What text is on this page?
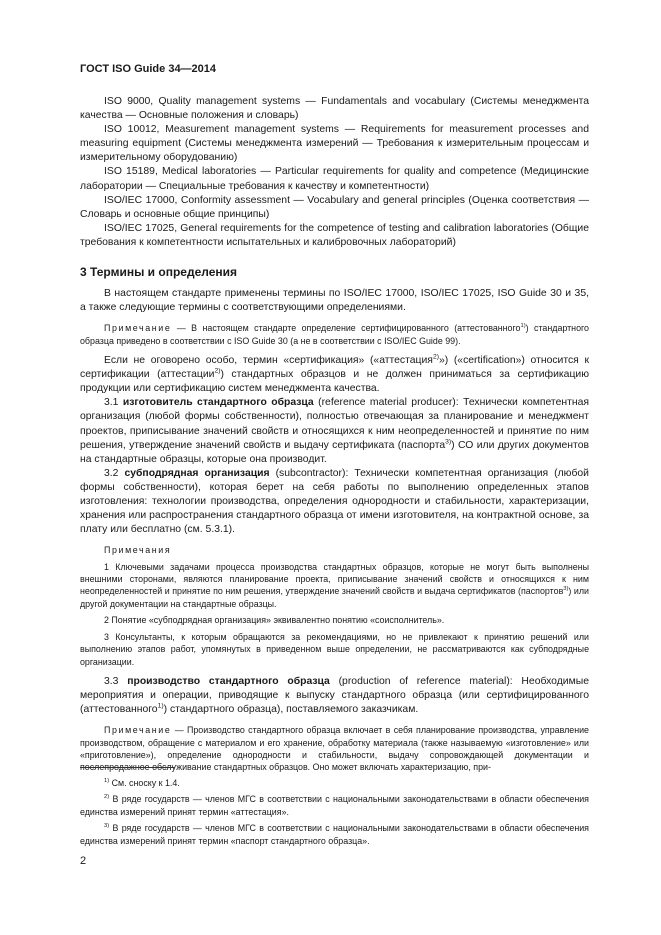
ГОСТ ISO Guide 34—2014

ISO 9000, Quality management systems — Fundamentals and vocabulary (Системы менеджмента качества — Основные положения и словарь)

ISO 10012, Measurement management systems — Requirements for measurement processes and measuring equipment (Системы менеджмента измерений — Требования к измерительным процессам и измерительному оборудованию)

ISO 15189, Medical laboratories — Particular requirements for quality and competence (Медицинские лаборатории — Специальные требования к качеству и компетентности)

ISO/IEC 17000, Conformity assessment — Vocabulary and general principles (Оценка соответствия — Словарь и основные общие принципы)

ISO/IEC 17025, General requirements for the competence of testing and calibration laboratories (Общие требования к компетентности испытательных и калибровочных лабораторий)

3 Термины и определения

В настоящем стандарте применены термины по ISO/IEC 17000, ISO/IEC 17025, ISO Guide 30 и 35, а также следующие термины с соответствующими определениями.

Примечание — В настоящем стандарте определение сертифицированного (аттестованного$^{1)}$) стандартного образца приведено в соответствии с ISO Guide 30 (а не в соответствии с ISO/IEC Guide 99).

Если не оговорено особо, термин «сертификация» («аттестация$^{2)}$») («certification») относится к сертификации (аттестации$^{2)}$) стандартных образцов и не должен приниматься за сертификацию продукции или сертификацию систем менеджмента качества.

3.1 изготовитель стандартного образца (reference material producer): Технически компетентная организация (любой формы собственности), полностью отвечающая за планирование и менеджмент проектов, приписывание значений свойств и относящихся к ним неопределенностей и принятие по ним решения, утверждение значений свойств и выдачу сертификата (паспорта$^{3)}$) СО или других документов на стандартные образцы, которые она производит.

3.2 субподрядная организация (subcontractor): Технически компетентная организация (любой формы собственности), которая берет на себя работы по выполнению определенных этапов изготовления: технологии производства, определения однородности и стабильности, характеризации, хранения или распространения стандартного образца от имени изготовителя, на контрактной основе, за плату или бесплатно (см. 5.3.1).

Примечания

1 Ключевыми задачами процесса производства стандартных образцов, которые не могут быть выполнены внешними сторонами, являются планирование проекта, приписывание значений свойств и относящихся к ним неопределенностей и принятие по ним решения, утверждение значений свойств и выдача сертификатов (паспортов$^{3)}$) или другой документации на стандартные образцы.

2 Понятие «субподрядная организация» эквивалентно понятию «соисполнитель».

3 Консультанты, к которым обращаются за рекомендациями, но не привлекают к принятию решений или выполнению этапов работ, упомянутых в приведенном выше определении, не рассматриваются как субподрядные организации.

3.3 производство стандартного образца (production of reference material): Необходимые мероприятия и операции, приводящие к выпуску стандартного образца (или сертифицированного (аттестованного$^{1)}$) стандартного образца), поставляемого заказчикам.

Примечание — Производство стандартного образца включает в себя планирование производства, управление производством, обращение с материалом и его хранение, обработку материала (также называемую «изготовление» или «приготовление»), определение однородности и стабильности, выдачу сопровождающей документации и послепродажное обслуживание стандартных образцов. Оно может включать характеризацию, при-

$^{1)}$ См. сноску к 1.4.

$^{2)}$ В ряде государств — членов МГС в соответствии с национальными законодательствами в области обеспечения единства измерений принят термин «аттестация».

$^{3)}$ В ряде государств — членов МГС в соответствии с национальными законодательствами в области обеспечения единства измерений принят термин «паспорт стандартного образца».

2
